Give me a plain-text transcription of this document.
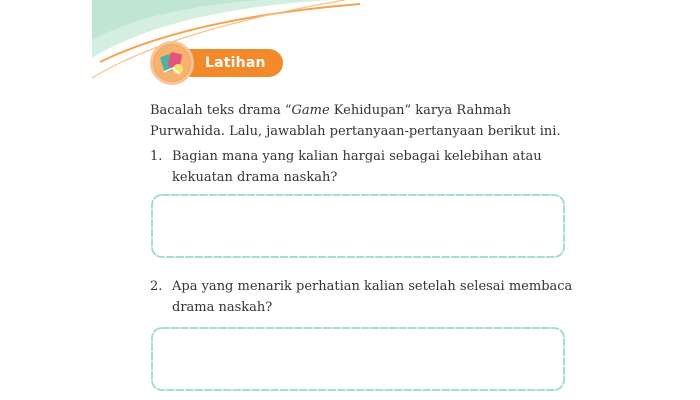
Latihan

Bacalah teks drama “Game Kehidupan” karya Rahmah Purwahida. Lalu, jawablah pertanyaan-pertanyaan berikut ini.

1. Bagian mana yang kalian hargai sebagai kelebihan atau kekuatan drama naskah?
2. Apa yang menarik perhatian kalian setelah selesai membaca drama naskah?
